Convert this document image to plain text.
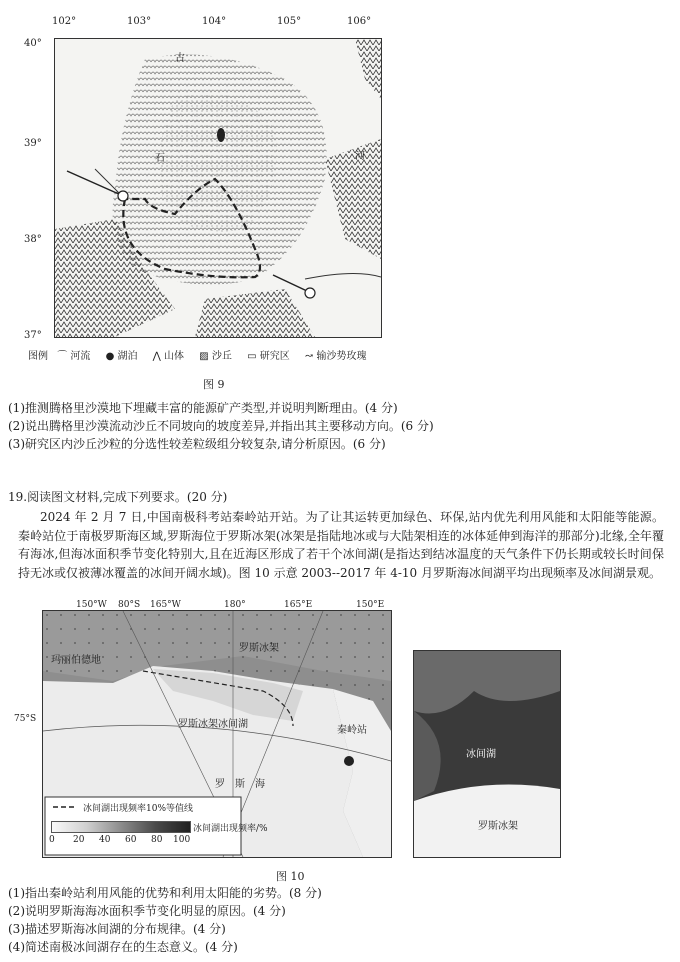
102°	103°	104°	105°	106°
40°
39°
38°
37°
古
石	河
图例 ⌒ 河流 ● 湖泊 ⋀ 山体 ▨ 沙丘 ▭ 研究区 ↝ 输沙势玫瑰
图 9
(1)推测腾格里沙漠地下埋藏丰富的能源矿产类型,并说明判断理由。(4 分)
(2)说出腾格里沙漠流动沙丘不同坡向的坡度差异,并指出其主要移动方向。(6 分)
(3)研究区内沙丘沙粒的分选性较差粒级组分较复杂,请分析原因。(6 分)
19.阅读图文材料,完成下列要求。(20 分)
2024 年 2 月 7 日,中国南极科考站秦岭站开站。为了让其运转更加绿色、环保,站内优先利用风能和太阳能等能源。秦岭站位于南极罗斯海区域,罗斯海位于罗斯冰架(冰架是指陆地冰或与大陆架相连的冰体延伸到海洋的那部分)北缘,全年覆有海冰,但海冰面积季节变化特别大,且在近海区形成了若干个冰间湖(是指达到结冰温度的天气条件下仍长期或较长时间保持无冰或仅被薄冰覆盖的冰间开阔水域)。图 10 示意 2003--2017 年 4-10 月罗斯海冰间湖平均出现频率及冰间湖景观。
150°W 80°S 165°W	180°	165°E	150°E
75°S
玛丽伯德地
罗斯冰架
罗斯冰架冰间湖
秦岭站
罗　斯　海
冰间湖出现频率10%等值线
冰间湖出现频率/%
0 20 40 60 80 100
冰间湖
罗斯冰架
图 10
(1)指出秦岭站利用风能的优势和利用太阳能的劣势。(8 分)
(2)说明罗斯海海冰面积季节变化明显的原因。(4 分)
(3)描述罗斯海冰间湖的分布规律。(4 分)
(4)简述南极冰间湖存在的生态意义。(4 分)
